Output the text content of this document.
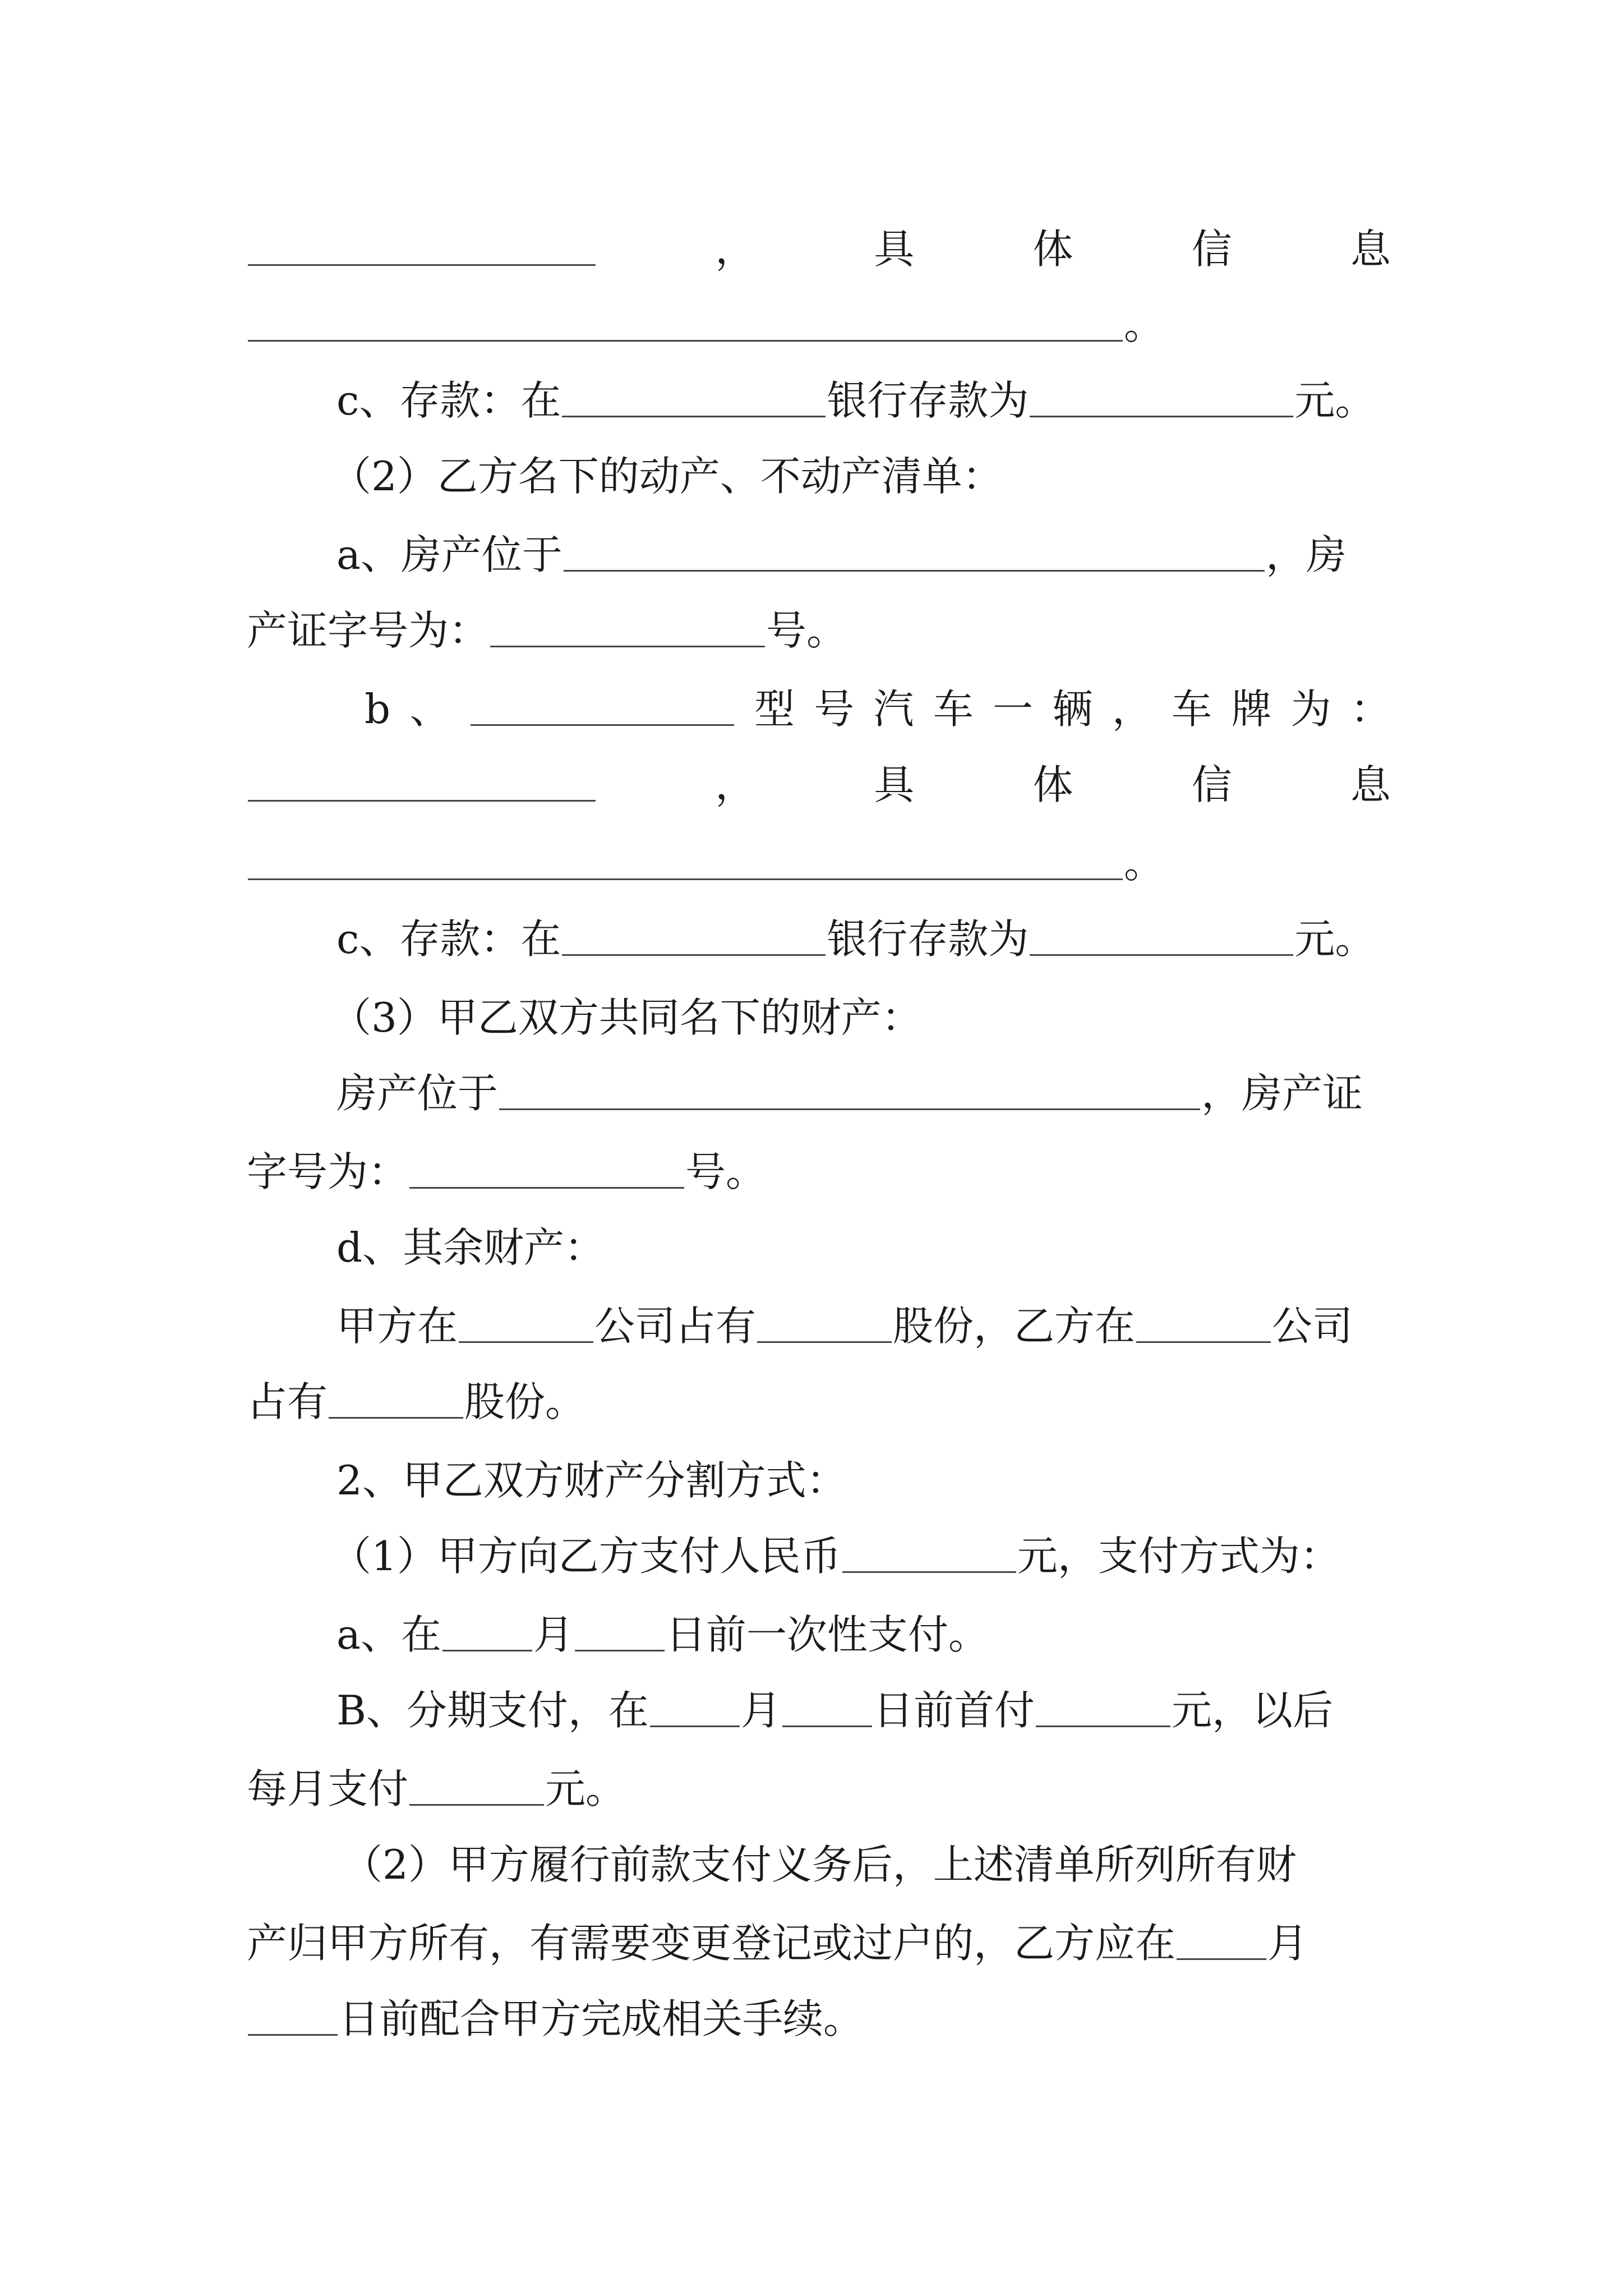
，	具	体	信	息
。
c、存款：在	银行存款为	元。
（2）乙方名下的动产、不动产清单：
a、房产位于	，房
产证字号为：	号。
b 、	型 号 汽 车 一 辆 ， 车 牌 为 ：
，	具	体	信	息
。
c、存款：在	银行存款为	元。
（3）甲乙双方共同名下的财产：
房产位于	，房产证
字号为：	号。
d、其余财产：
甲方在	公司占有	股份，乙方在	公司
占有	股份。
2、甲乙双方财产分割方式：
（1）甲方向乙方支付人民币	元，支付方式为：
a、在 月 日前一次性支付。
B、分期支付，在 月 日前首付	元，以后
每月支付	元。
（2）甲方履行前款支付义务后，上述清单所列所有财
产归甲方所有，有需要变更登记或过户的，乙方应在 月
日前配合甲方完成相关手续。
